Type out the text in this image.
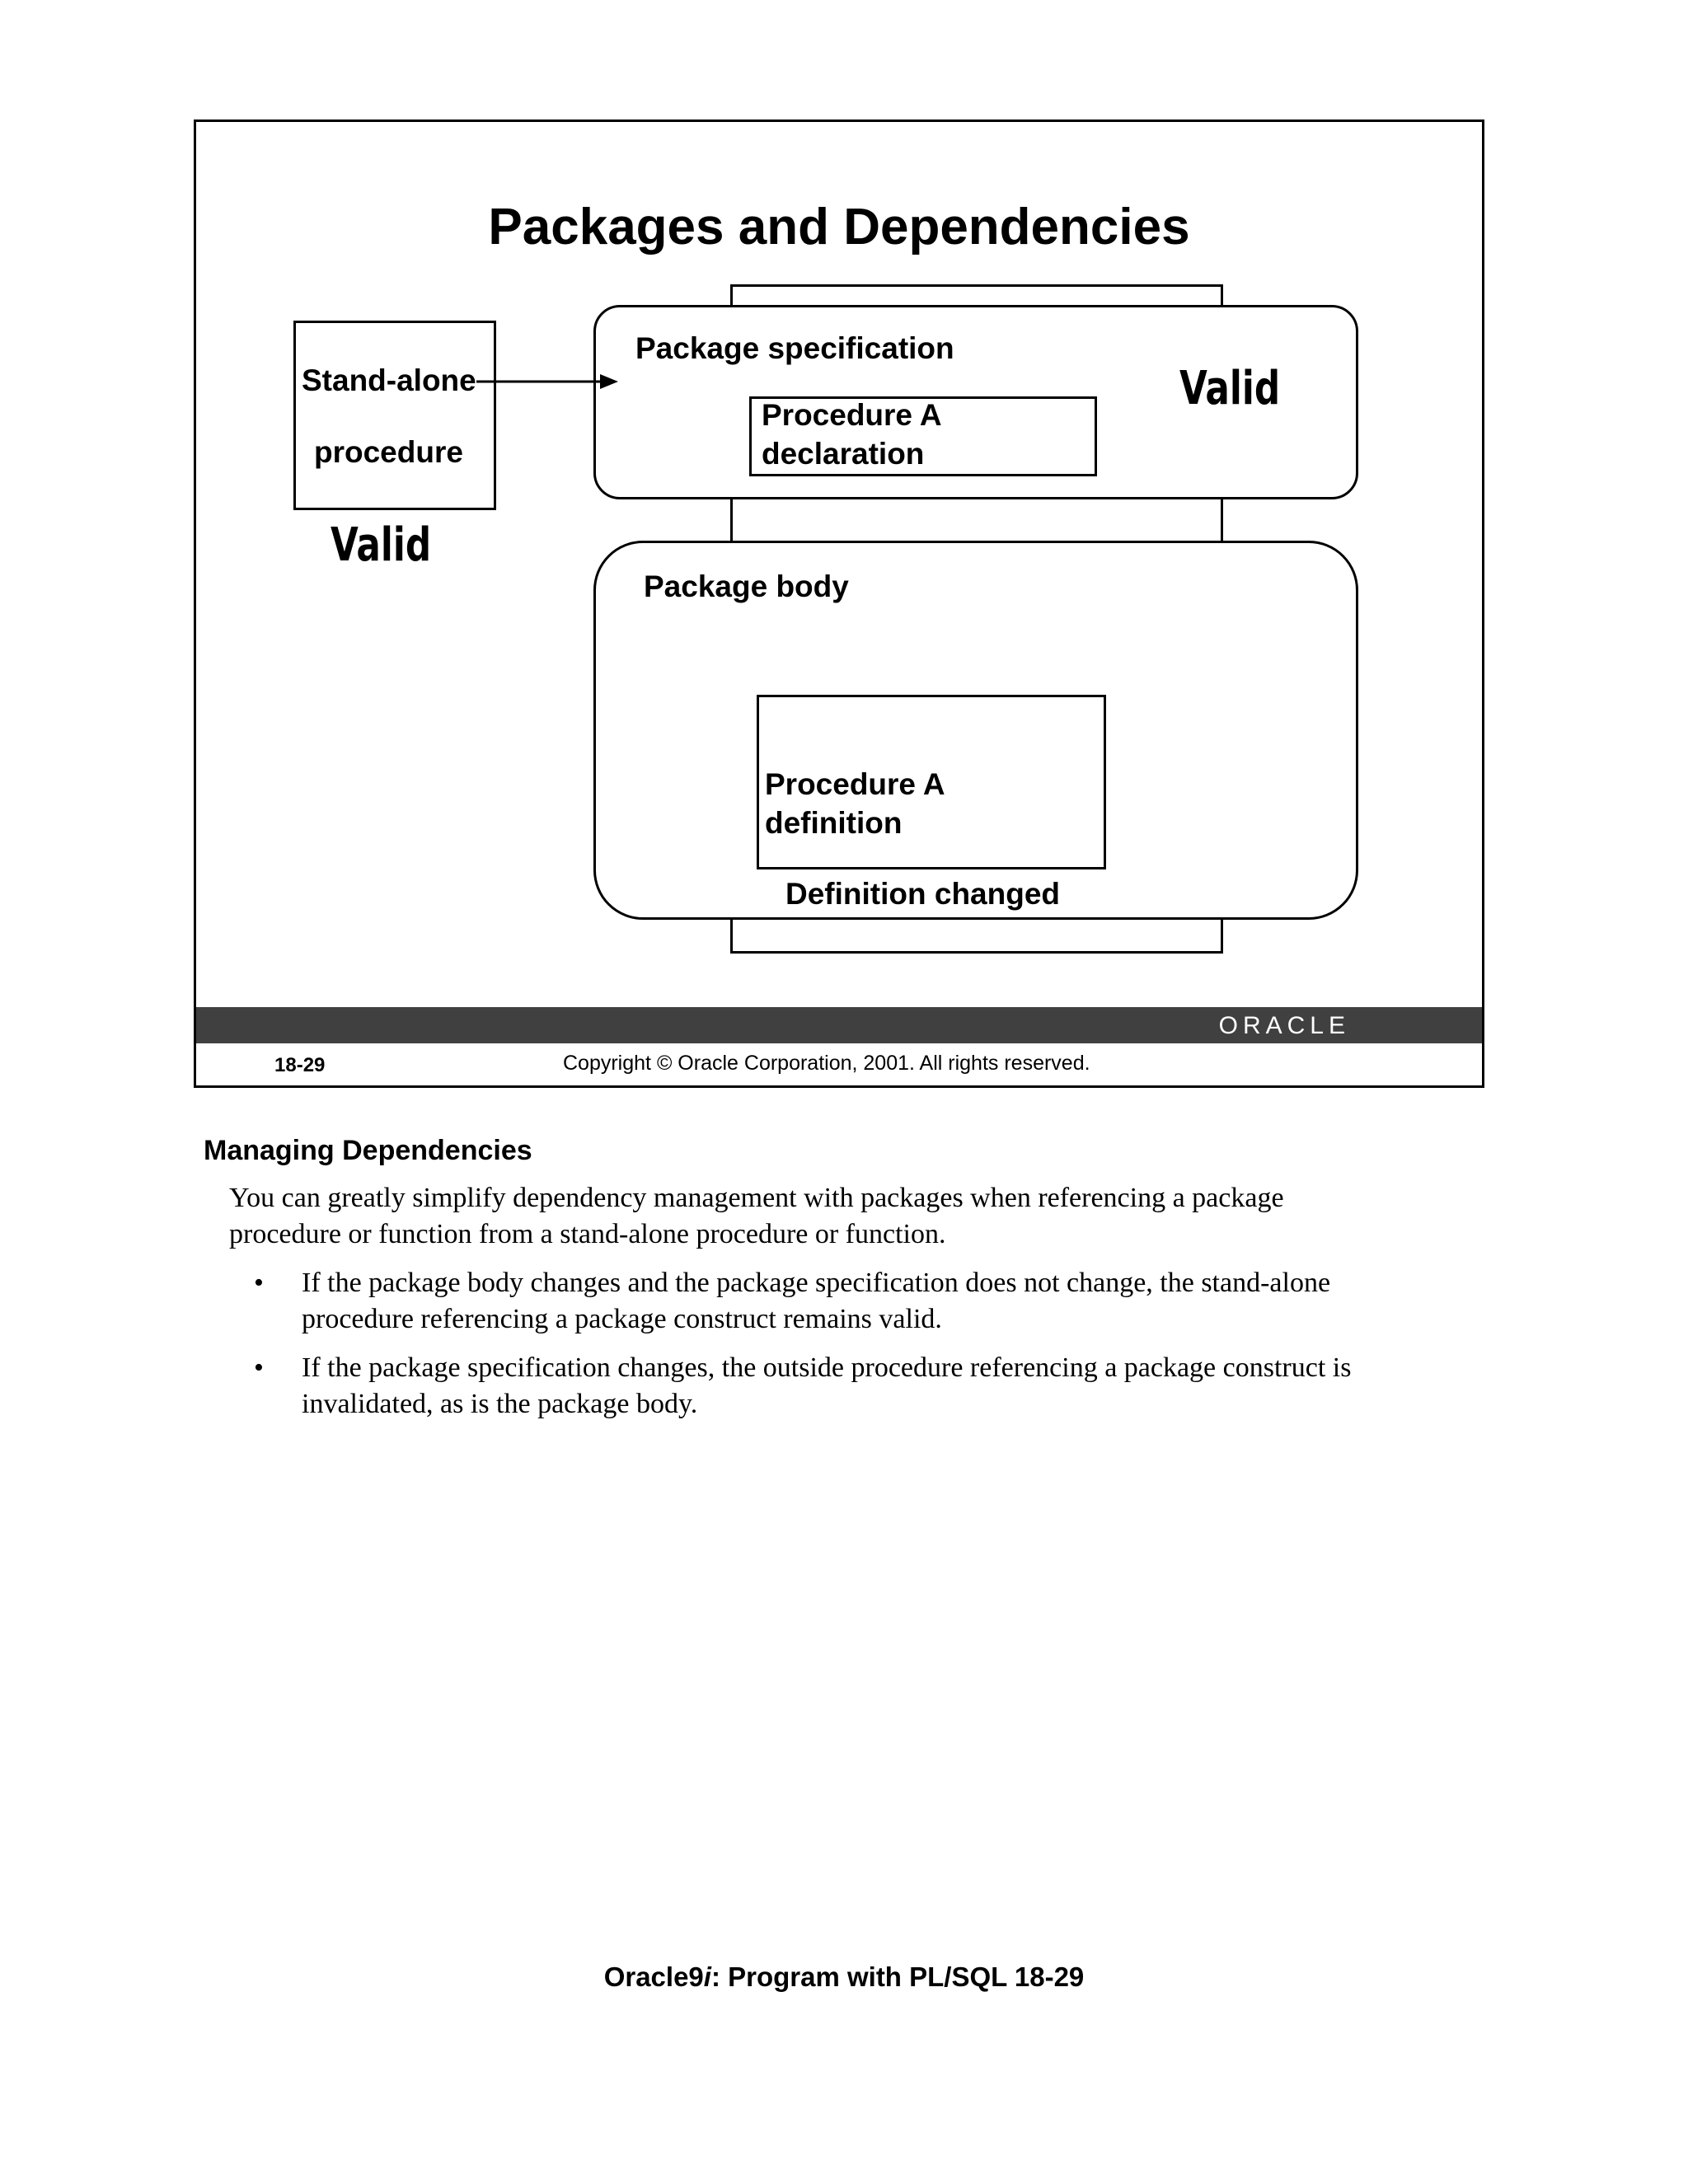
Packages and Dependencies
Package specification
Procedure A
declaration
Valid
Package body
Procedure A
definition
Definition changed
Stand-alone
procedure
Valid
ORACLE
18-29	Copyright © Oracle Corporation, 2001. All rights reserved.
Managing Dependencies
You can greatly simplify dependency management with packages when referencing a package
procedure or function from a stand-alone procedure or function.
• If the package body changes and the package specification does not change, the stand-alone
procedure referencing a package construct remains valid.
• If the package specification changes, the outside procedure referencing a package construct is
invalidated, as is the package body.
Oracle9i: Program with PL/SQL 18-29
